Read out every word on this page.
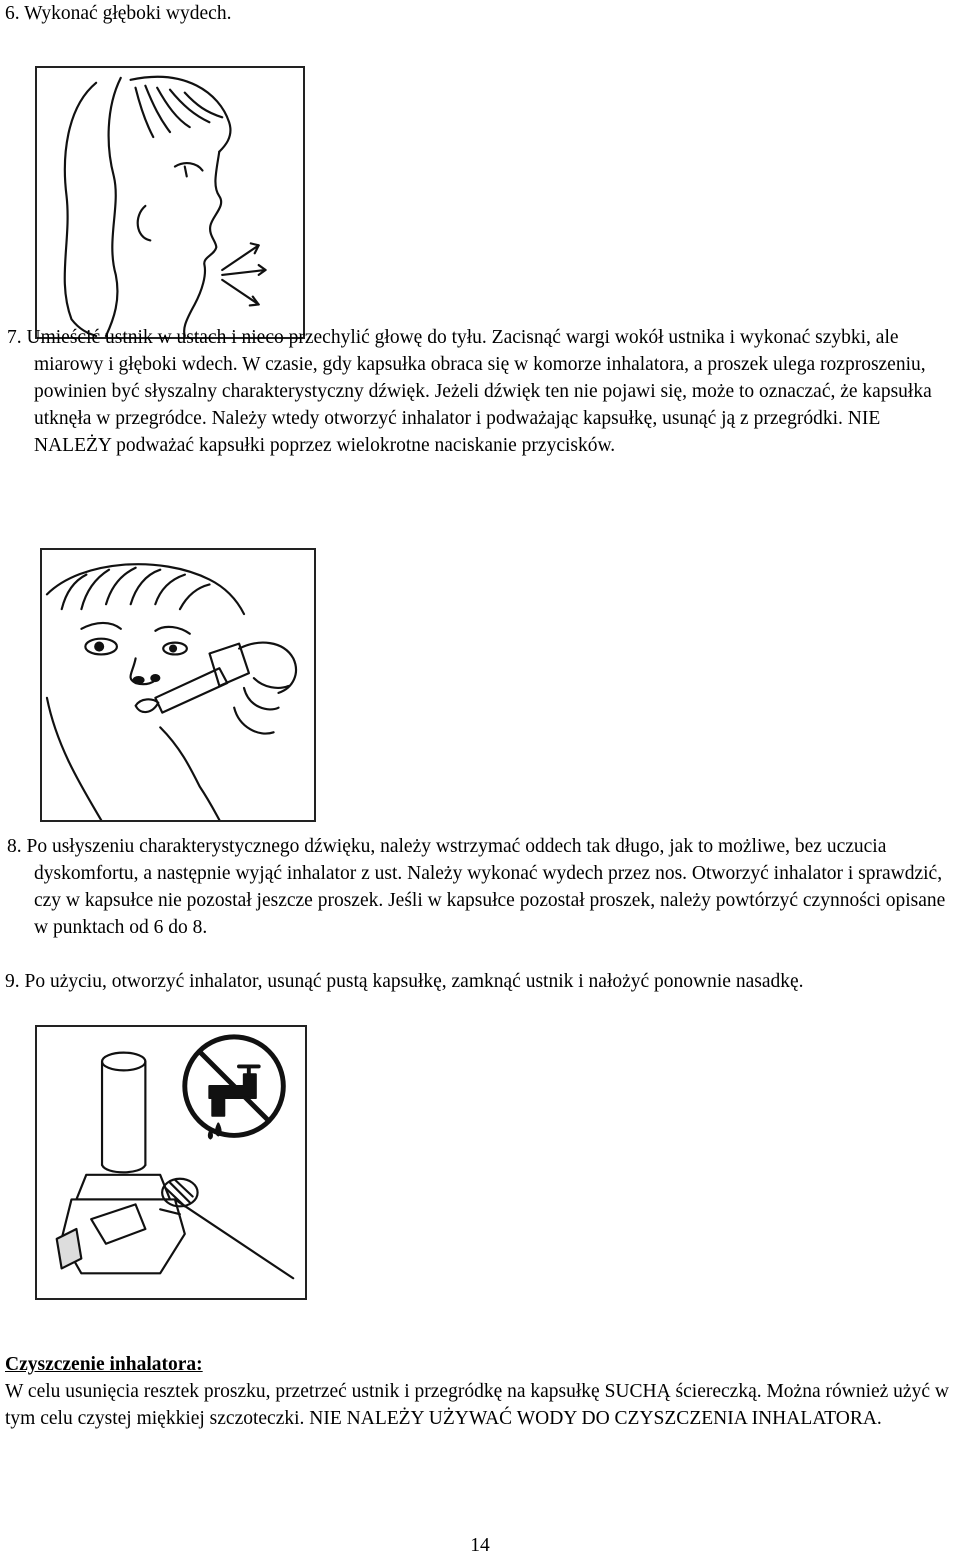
6. Wykonać głęboki wydech.

7. Umieścić ustnik w ustach i nieco przechylić głowę do tyłu. Zacisnąć wargi wokół ustnika i wykonać szybki, ale miarowy i głęboki wdech. W czasie, gdy kapsułka obraca się w komorze inhalatora, a proszek ulega rozproszeniu, powinien być słyszalny charakterystyczny dźwięk. Jeżeli dźwięk ten nie pojawi się, może to oznaczać, że kapsułka utknęła w przegródce. Należy wtedy otworzyć inhalator i podważając kapsułkę, usunąć ją z przegródki. NIE NALEŻY podważać kapsułki poprzez wielokrotne naciskanie przycisków.

8. Po usłyszeniu charakterystycznego dźwięku, należy wstrzymać oddech tak długo, jak to możliwe, bez uczucia dyskomfortu, a następnie wyjąć inhalator z ust. Należy wykonać wydech przez nos. Otworzyć inhalator i sprawdzić, czy w kapsułce nie pozostał jeszcze proszek. Jeśli w kapsułce pozostał proszek, należy powtórzyć czynności opisane w punktach od 6 do 8.

9. Po użyciu, otworzyć inhalator, usunąć pustą kapsułkę, zamknąć ustnik i nałożyć ponownie nasadkę.

Czyszczenie inhalatora:

W celu usunięcia resztek proszku, przetrzeć ustnik i przegródkę na kapsułkę SUCHĄ ściereczką. Można również użyć w tym celu czystej miękkiej szczoteczki. NIE NALEŻY UŻYWAĆ WODY DO CZYSZCZENIA INHALATORA.

14
